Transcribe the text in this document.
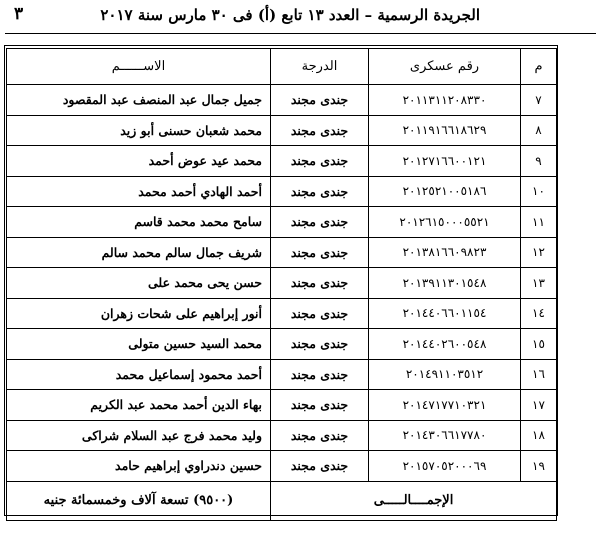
٣	الجريدة الرسمية – العدد ١٣ تابع (أ) فى ٣٠ مارس سنة ٢٠١٧
م	رقم عسكرى	الدرجة	الاســــــم
٧	٢٠١١٣١١٢٠٨٣٣٠	جندى مجند	جميل جمال عبد المنصف عبد المقصود
٨	٢٠١١٩١٦٦١٨٦٢٩	جندى مجند	محمد شعبان حسنى أبو زيد
٩	٢٠١٢٧١٦٦٠٠١٢١	جندى مجند	محمد عيد عوض أحمد
١٠	٢٠١٢٥٢١٠٠٥١٨٦	جندى مجند	أحمد الهادي أحمد محمد
١١	٢٠١٢٦١٥٠٠٠٥٥٢١	جندى مجند	سامح محمد محمد قاسم
١٢	٢٠١٣٨١٦٦٠٩٨٢٣	جندى مجند	شريف جمال سالم محمد سالم
١٣	٢٠١٣٩١١٣٠١٥٤٨	جندى مجند	حسن يحى محمد على
١٤	٢٠١٤٤٠٦٦٠١١٥٤	جندى مجند	أنور إبراهيم على شحات زهران
١٥	٢٠١٤٤٠٢٦٠٠٥٤٨	جندى مجند	محمد السيد حسين متولى
١٦	٢٠١٤٩١١٠٣٥١٢	جندى مجند	أحمد محمود إسماعيل محمد
١٧	٢٠١٤٧١٧٧١٠٣٢١	جندى مجند	بهاء الدين أحمد محمد عبد الكريم
١٨	٢٠١٤٣٠٦٦١٧٧٨٠	جندى مجند	وليد محمد فرج عبد السلام شراكى
١٩	٢٠١٥٧٠٥٢٠٠٠٦٩	جندى مجند	حسين دندراوي إبراهيم حامد
الإجمــــالـــــى			(٩٥٠٠) تسعة آلاف وخمسمائة جنيه
